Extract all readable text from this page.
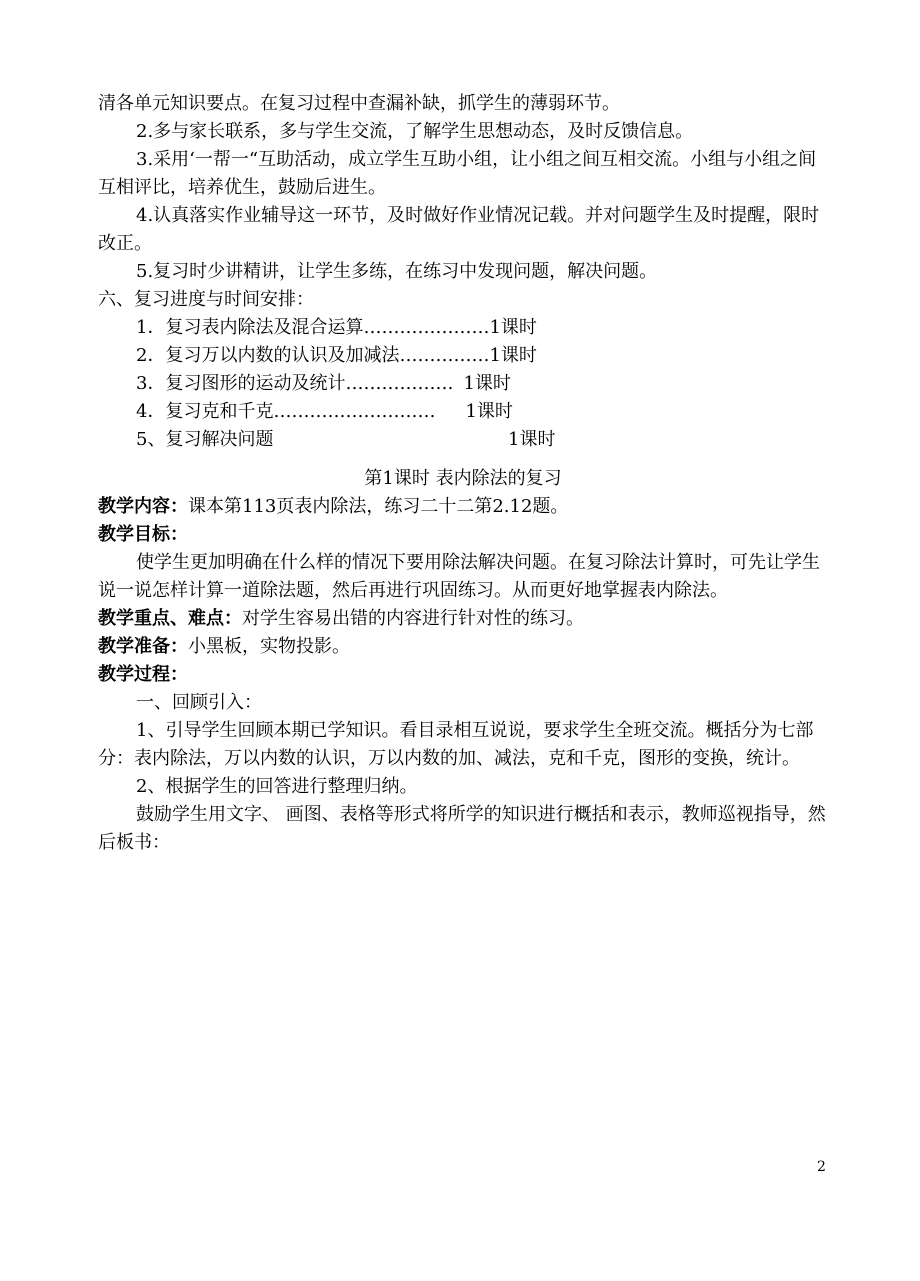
清各单元知识要点。在复习过程中查漏补缺，抓学生的薄弱环节。

2.多与家长联系，多与学生交流，了解学生思想动态，及时反馈信息。

3.采用‘一帮一“互助活动，成立学生互助小组，让小组之间互相交流。小组与小组之间互相评比，培养优生，鼓励后进生。

4.认真落实作业辅导这一环节，及时做好作业情况记载。并对问题学生及时提醒，限时改正。

5.复习时少讲精讲，让学生多练，在练习中发现问题，解决问题。

六、复习进度与时间安排：

1．复习表内除法及混合运算 ………………… 1课时
2．复习万以内数的认识及加减法 …………… 1课时
3．复习图形的运动及统计 ……………… 1课时
4．复习克和千克 ……………………… 1课时
5、复习解决问题	1课时

第1课时 表内除法的复习

教学内容：课本第113页表内除法，练习二十二第2.12题。

教学目标：

使学生更加明确在什么样的情况下要用除法解决问题。在复习除法计算时，可先让学生说一说怎样计算一道除法题，然后再进行巩固练习。从而更好地掌握表内除法。

教学重点、难点：对学生容易出错的内容进行针对性的练习。

教学准备：小黑板，实物投影。

教学过程：

一、回顾引入：

1、引导学生回顾本期已学知识。看目录相互说说，要求学生全班交流。概括分为七部分：表内除法，万以内数的认识，万以内数的加、减法，克和千克，图形的变换，统计。

2、根据学生的回答进行整理归纳。

鼓励学生用文字、 画图、表格等形式将所学的知识进行概括和表示，教师巡视指导，然后板书：

2
